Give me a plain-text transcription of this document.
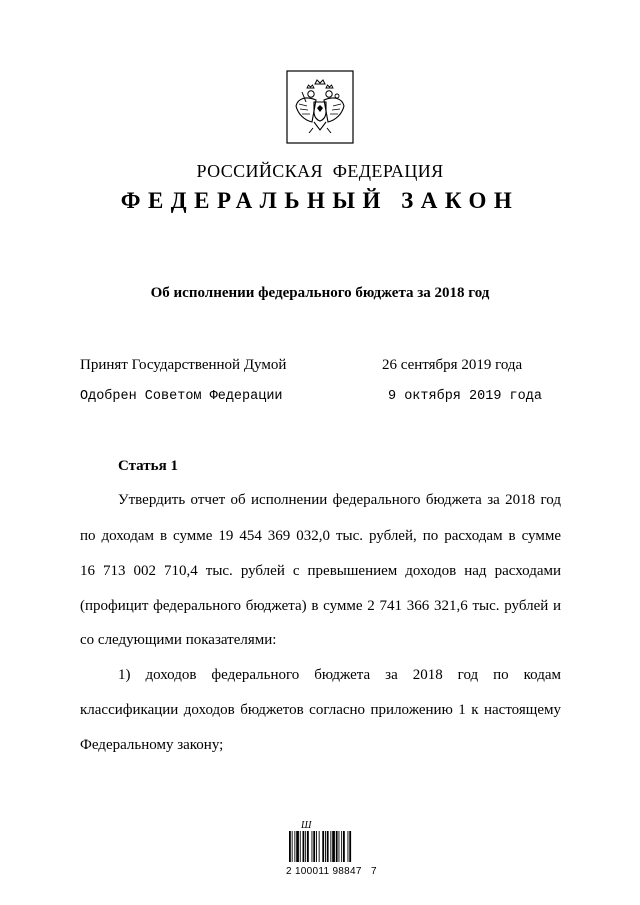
РОССИЙСКАЯ  ФЕДЕРАЦИЯ
ФЕДЕРАЛЬНЫЙ ЗАКОН
Об исполнении федерального бюджета за 2018 год
Принят Государственной Думой	26 сентября 2019 года
Одобрен Советом Федерации	9 октября 2019 года
Статья 1
Утвердить отчет об исполнении федерального бюджета за 2018 год
по доходам в сумме 19 454 369 032,0 тыс. рублей, по расходам в сумме
16 713 002 710,4 тыс. рублей с превышением доходов над расходами
(профицит федерального бюджета) в сумме 2 741 366 321,6 тыс. рублей и
со следующими показателями:
1) доходов федерального бюджета за 2018 год по кодам
классификации доходов бюджетов согласно приложению 1 к настоящему
Федеральному закону;
Ш
2 100011 98847   7
